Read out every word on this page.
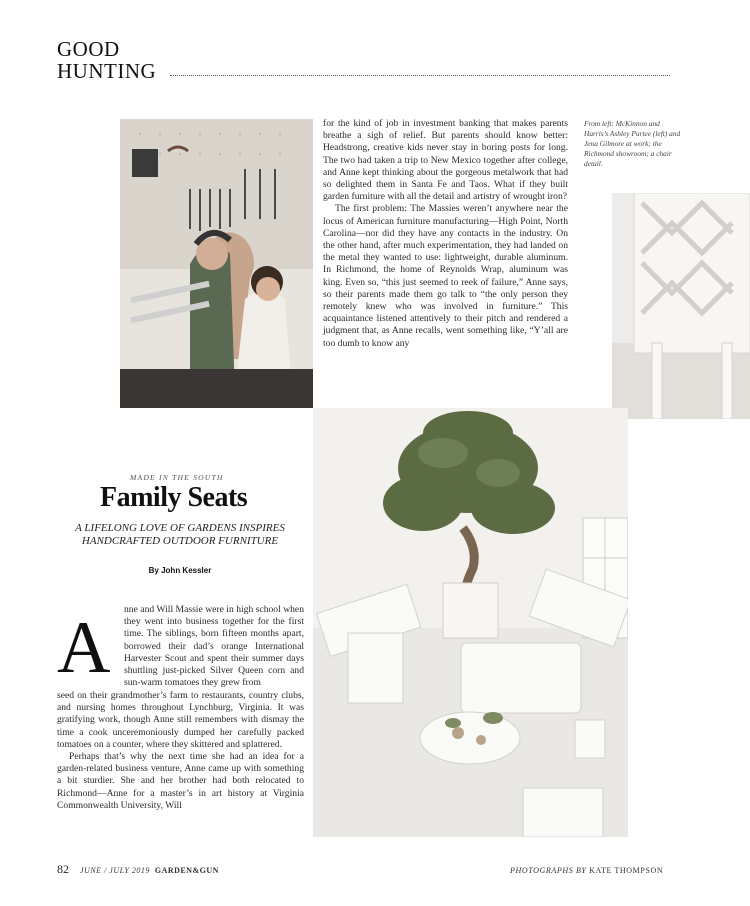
GOOD
HUNTING

for the kind of job in investment banking that makes parents breathe a sigh of relief. But parents should know better: Headstrong, creative kids never stay in boring posts for long. The two had taken a trip to New Mexico together after college, and Anne kept thinking about the gorgeous metalwork that had so delighted them in Santa Fe and Taos. What if they built garden furniture with all the detail and artistry of wrought iron?

The first problem: The Massies weren’t anywhere near the locus of American furniture manufacturing—High Point, North Carolina—nor did they have any contacts in the industry. On the other hand, after much experimentation, they had landed on the metal they wanted to use: lightweight, durable aluminum. In Richmond, the home of Reynolds Wrap, aluminum was king. Even so, “this just seemed to reek of failure,” Anne says, so their parents made them go talk to “the only person they remotely knew who was involved in furniture.” This acquaintance listened attentively to their pitch and rendered a judgment that, as Anne recalls, went something like, “Y’all are too dumb to know any

From left: McKinnon and Harris’s Ashley Purtee (left) and Jena Gilmore at work; the Richmond showroom; a chair detail.
MADE IN THE SOUTH
Family Seats
A LIFELONG LOVE OF GARDENS INSPIRES HANDCRAFTED OUTDOOR FURNITURE
By John Kessler
A nne and Will Massie were in high school when they went into business together for the first time. The siblings, born fifteen months apart, borrowed their dad’s orange International Harvester Scout and spent their summer days shuttling just-picked Silver Queen corn and sun-warm tomatoes they grew from

seed on their grandmother’s farm to restaurants, country clubs, and nursing homes throughout Lynchburg, Virginia. It was gratifying work, though Anne still remembers with dismay the time a cook unceremoniously dumped her carefully packed tomatoes on a counter, where they skittered and splattered.

Perhaps that’s why the next time she had an idea for a garden-related business venture, Anne came up with something a bit sturdier. She and her brother had both relocated to Richmond—Anne for a master’s in art history at Virginia Commonwealth University, Will

82 JUNE / JULY 2019 GARDEN&GUN	PHOTOGRAPHS BY KATE THOMPSON
